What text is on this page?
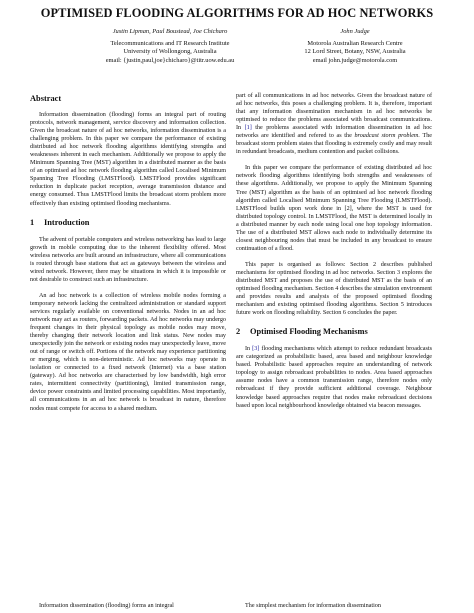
OPTIMISED FLOODING ALGORITHMS FOR AD HOC NETWORKS
Justin Lipman, Paul Boustead, Joe Chicharo
Telecommunications and IT Research Institute
University of Wollongong, Australia
email: {justin,paul,joe}chicharo}@titr.uow.edu.au
John Judge
Motorola Australian Research Centre
12 Lord Street, Botany, NSW, Australia
email john.judge@motorola.com
Abstract

Information dissemination (flooding) forms an integral part of routing protocols, network management, service discovery and information collection. Given the broadcast nature of ad hoc networks, information dissemination is a challenging problem. In this paper we compare the performance of existing distributed ad hoc network flooding algorithms identifying strengths and weaknesses inherent in each mechanism. Additionally we propose to apply the Minimum Spanning Tree (MST) algorithm in a distributed manner as the basis of an optimised ad hoc network flooding algorithm called Localised Minimum Spanning Tree Flooding (LMSTFlood). LMSTFlood provides significant reduction in duplicate packet reception, average transmission distance and energy consumed. Thus LMSTFlood limits the broadcast storm problem more effectively than existing optimised flooding mechanisms.

1 Introduction

The advent of portable computers and wireless networking has lead to large growth in mobile computing due to the inherent flexibility offered. Most wireless networks are built around an infrastructure, where all communications is routed through base stations that act as gateways between the wireless and wired network. However, there may be situations in which it is impossible or not desirable to construct such an infrastructure.

An ad hoc network is a collection of wireless mobile nodes forming a temporary network lacking the centralized administration or standard support services regularly available on conventional networks. Nodes in an ad hoc network may act as routers, forwarding packets. Ad hoc networks may undergo frequent changes in their physical topology as mobile nodes may move, thereby changing their network location and link status. New nodes may unexpectedly join the network or existing nodes may unexpectedly leave, move out of range or switch off. Portions of the network may experience partitioning or merging, which is non-deterministic. Ad hoc networks may operate in isolation or connected to a fixed network (Internet) via a base station (gateway). Ad hoc networks are characterised by low bandwidth, high error rates, intermittent connectivity (partitioning), limited transmission range, device power constraints and limited processing capabilities. Most importantly, all communications in an ad hoc network is broadcast in nature, therefore nodes must compete for access to a shared medium.

Information dissemination (flooding) forms an integral

part of all communications in ad hoc networks. Given the broadcast nature of ad hoc networks, this poses a challenging problem. It is, therefore, important that any information dissemination mechanism in ad hoc networks be optimised to reduce the problems associated with broadcast communications. In [1] the problems associated with information dissemination in ad hoc networks are identified and refered to as the broadcast storm problem. The broadcast storm problem states that flooding is extremely costly and may result in redundant broadcasts, medium contention and packet collisions.

In this paper we compare the performance of existing distributed ad hoc network flooding algorithms identifying both strengths and weaknesses of these algorithms. Additionally, we propose to apply the Minimum Spanning Tree (MST) algorithm as the basis of an optimised ad hoc network flooding algorithm called Localised Minimum Spanning Tree Flooding (LMSTFlood). LMSTFlood builds upon work done in [2], where the MST is used for distributed topology control. In LMSTFlood, the MST is determined locally in a distributed manner by each node using local one hop topology information. The use of a distributed MST allows each node to individually determine its closest neighbouring nodes that must be included in any broadcast to ensure continuation of a flood.

This paper is organised as follows: Section 2 describes published mechanisms for optimised flooding in ad hoc networks. Section 3 explores the distributed MST and proposes the use of distributed MST as the basis of an optimised flooding mechanism. Section 4 describes the simulation environment and provides results and analysis of the proposed optimised flooding mechanism and existing optimised flooding algorithms. Section 5 introduces future work on flooding reliability. Section 6 concludes the paper.

2 Optimised Flooding Mechanisms

In [3] flooding mechanisms which attempt to reduce redundant broadcasts are categorized as probabilistic based, area based and neighbour knowledge based. Probabilistic based approaches require an understanding of network topology to assign rebroadcast probabilities to nodes. Area based approaches assume nodes have a common transmission range, therefore nodes only rebroadcast if they provide sufficient additional coverage. Neighbour knowledge based approaches require that nodes make rebroadcast decisions based upon local neighbourhood knowledge obtained via beacon messages.

The simplest mechanism for information dissemination
